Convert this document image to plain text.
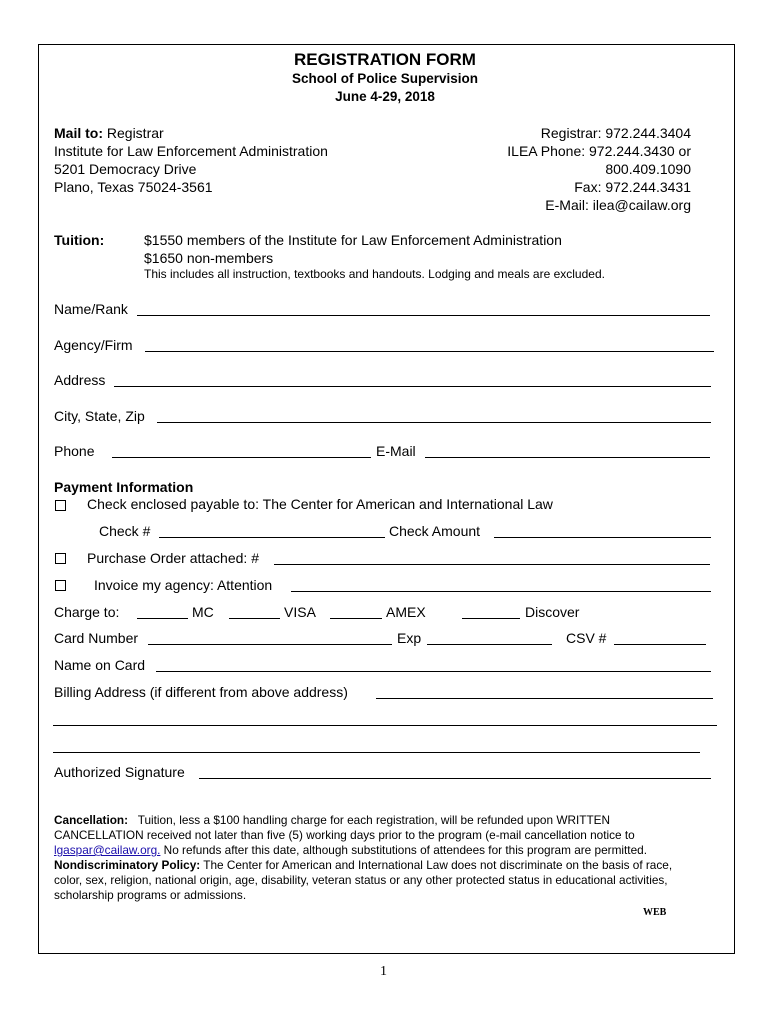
REGISTRATION FORM
School of Police Supervision
June 4-29, 2018
Mail to: Registrar
Institute for Law Enforcement Administration
5201 Democracy Drive
Plano, Texas 75024-3561
Registrar: 972.244.3404
ILEA Phone: 972.244.3430 or
800.409.1090
Fax: 972.244.3431
E-Mail: ilea@cailaw.org
Tuition:	$1550 members of the Institute for Law Enforcement Administration
$1650 non-members
This includes all instruction, textbooks and handouts. Lodging and meals are excluded.
Name/Rank
Agency/Firm
Address
City, State, Zip
Phone	E-Mail
Payment Information
Check enclosed payable to: The Center for American and International Law
Check #	Check Amount
Purchase Order attached: #
Invoice my agency: Attention
Charge to:	MC	VISA	AMEX	Discover
Card Number	Exp	CSV #
Name on Card
Billing Address (if different from above address)
Authorized Signature
Cancellation: Tuition, less a $100 handling charge for each registration, will be refunded upon WRITTEN
CANCELLATION received not later than five (5) working days prior to the program (e-mail cancellation notice to
lgaspar@cailaw.org. No refunds after this date, although substitutions of attendees for this program are permitted.
Nondiscriminatory Policy: The Center for American and International Law does not discriminate on the basis of race,
color, sex, religion, national origin, age, disability, veteran status or any other protected status in educational activities,
scholarship programs or admissions.
WEB
1
